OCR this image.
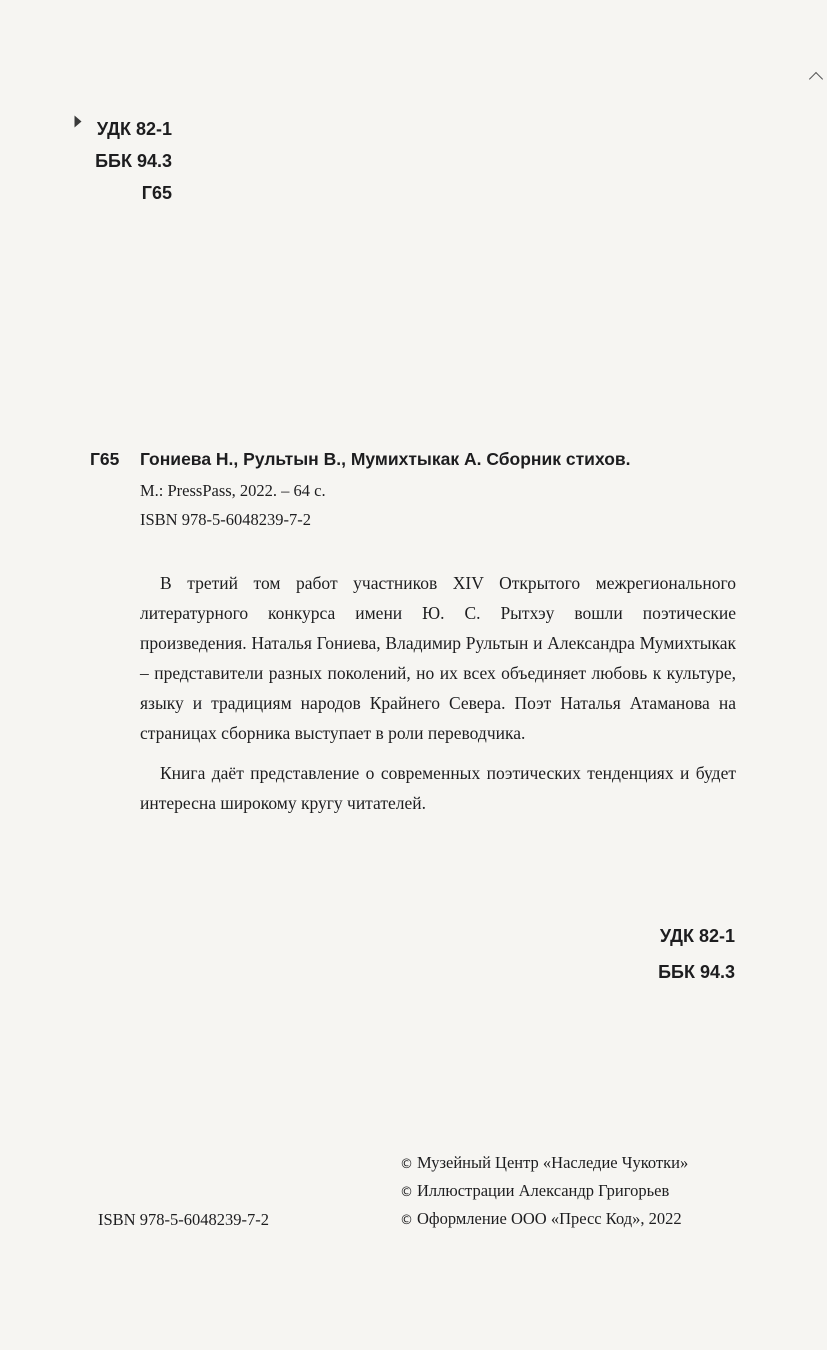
УДК 82-1
ББК 94.3
Г65
Г65 Гониева Н., Рультын В., Мумихтыкак А. Сборник стихов.
М.: PressPass, 2022. – 64 с.
ISBN 978-5-6048239-7-2

В третий том работ участников XIV Открытого межрегионального литературного конкурса имени Ю. С. Рытхэу вошли поэтические произведения. Наталья Гониева, Владимир Рультын и Александра Мумихтыкак – представители разных поколений, но их всех объединяет любовь к культуре, языку и традициям народов Крайнего Севера. Поэт Наталья Атаманова на страницах сборника выступает в роли переводчика.

Книга даёт представление о современных поэтических тенденциях и будет интересна широкому кругу читателей.

УДК 82-1
ББК 94.3
ISBN 978-5-6048239-7-2
© Музейный Центр «Наследие Чукотки»
© Иллюстрации Александр Григорьев
© Оформление ООО «Пресс Код», 2022
